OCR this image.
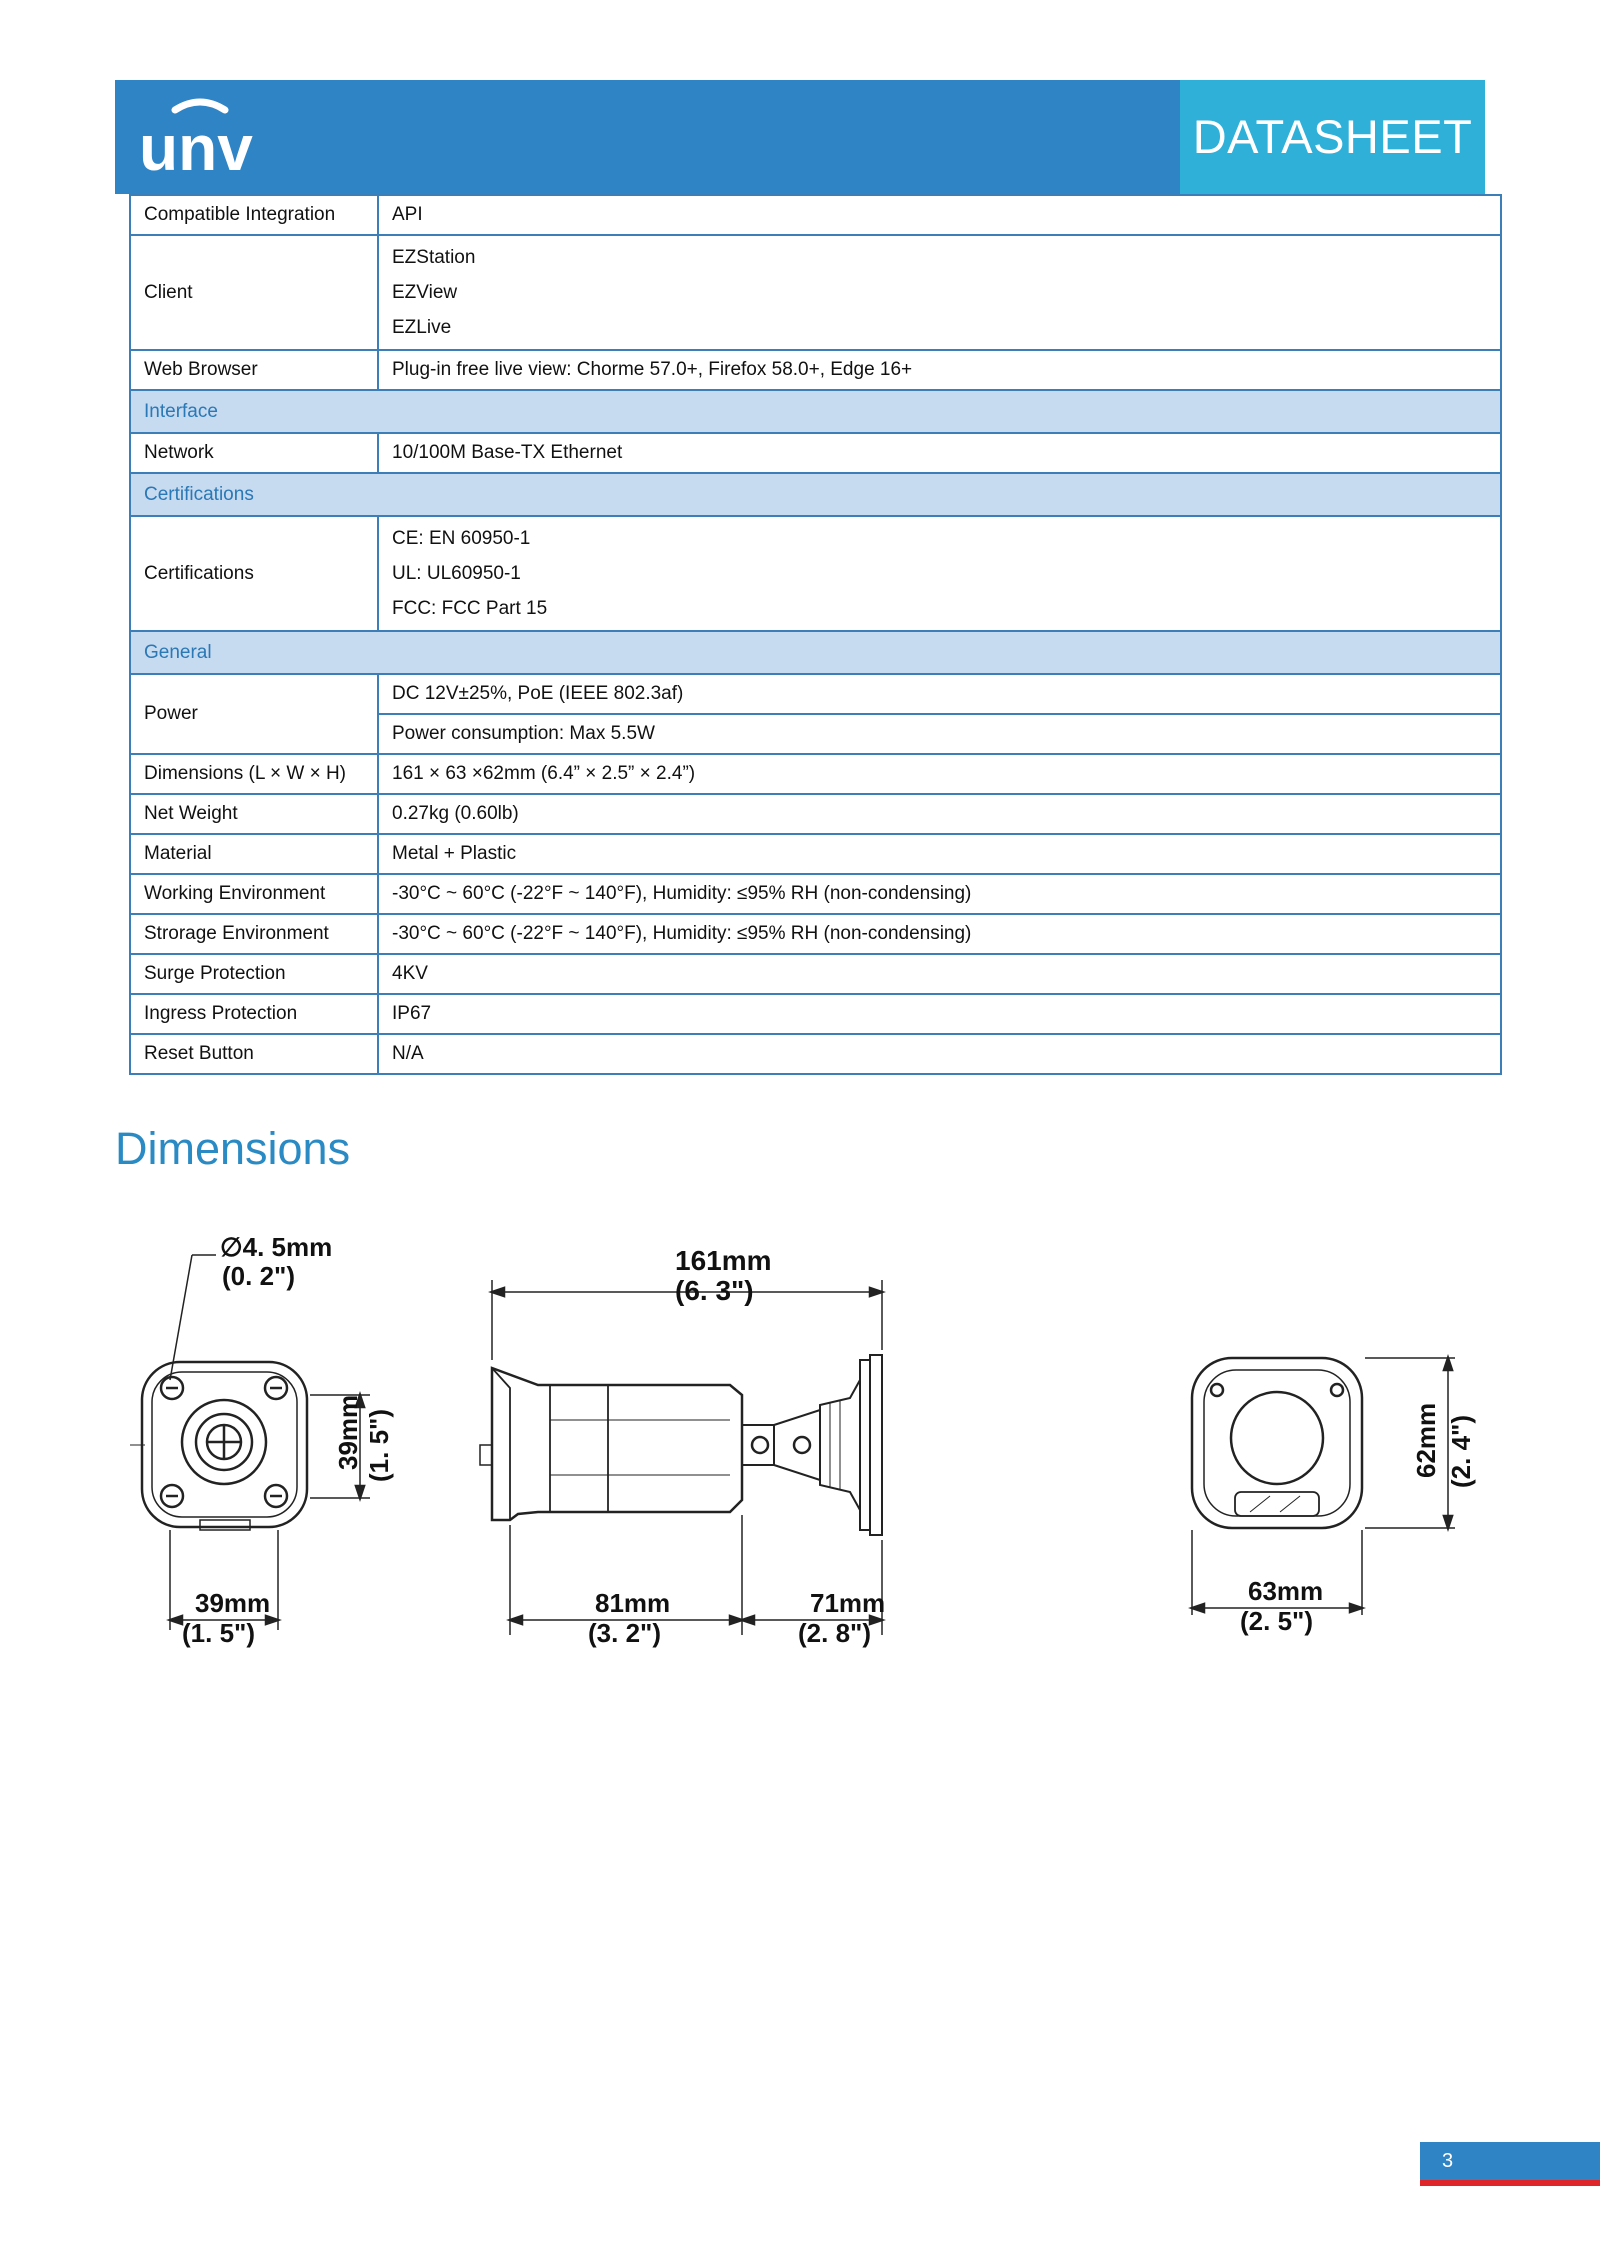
unv	DATASHEET
Compatible Integration	API
Client	EZStation
EZView
EZLive

Web Browser	Plug-in free live view: Chorme 57.0+, Firefox 58.0+, Edge 16+
Interface	
Network	10/100M Base-TX Ethernet
Certifications	
Certifications	CE: EN 60950-1
UL: UL60950-1
FCC: FCC Part 15

General	
Power	DC 12V±25%, PoE (IEEE 802.3af)
	Power consumption: Max 5.5W
Dimensions (L × W × H)	161 × 63 ×62mm (6.4” × 2.5” × 2.4”)
Net Weight	0.27kg (0.60lb)
Material	Metal + Plastic
Working Environment	-30°C ~ 60°C (-22°F ~ 140°F), Humidity: ≤95% RH (non-condensing)
Strorage Environment	-30°C ~ 60°C (-22°F ~ 140°F), Humidity: ≤95% RH (non-condensing)
Surge Protection	4KV
Ingress Protection	IP67
Reset Button	N/A
Dimensions
∅4. 5mm
(0. 2")
39mm (1. 5")
39mm
(1. 5")
161mm
(6. 3")
81mm
(3. 2")
71mm
(2. 8")
62mm (2. 4")
63mm
(2. 5")
3
